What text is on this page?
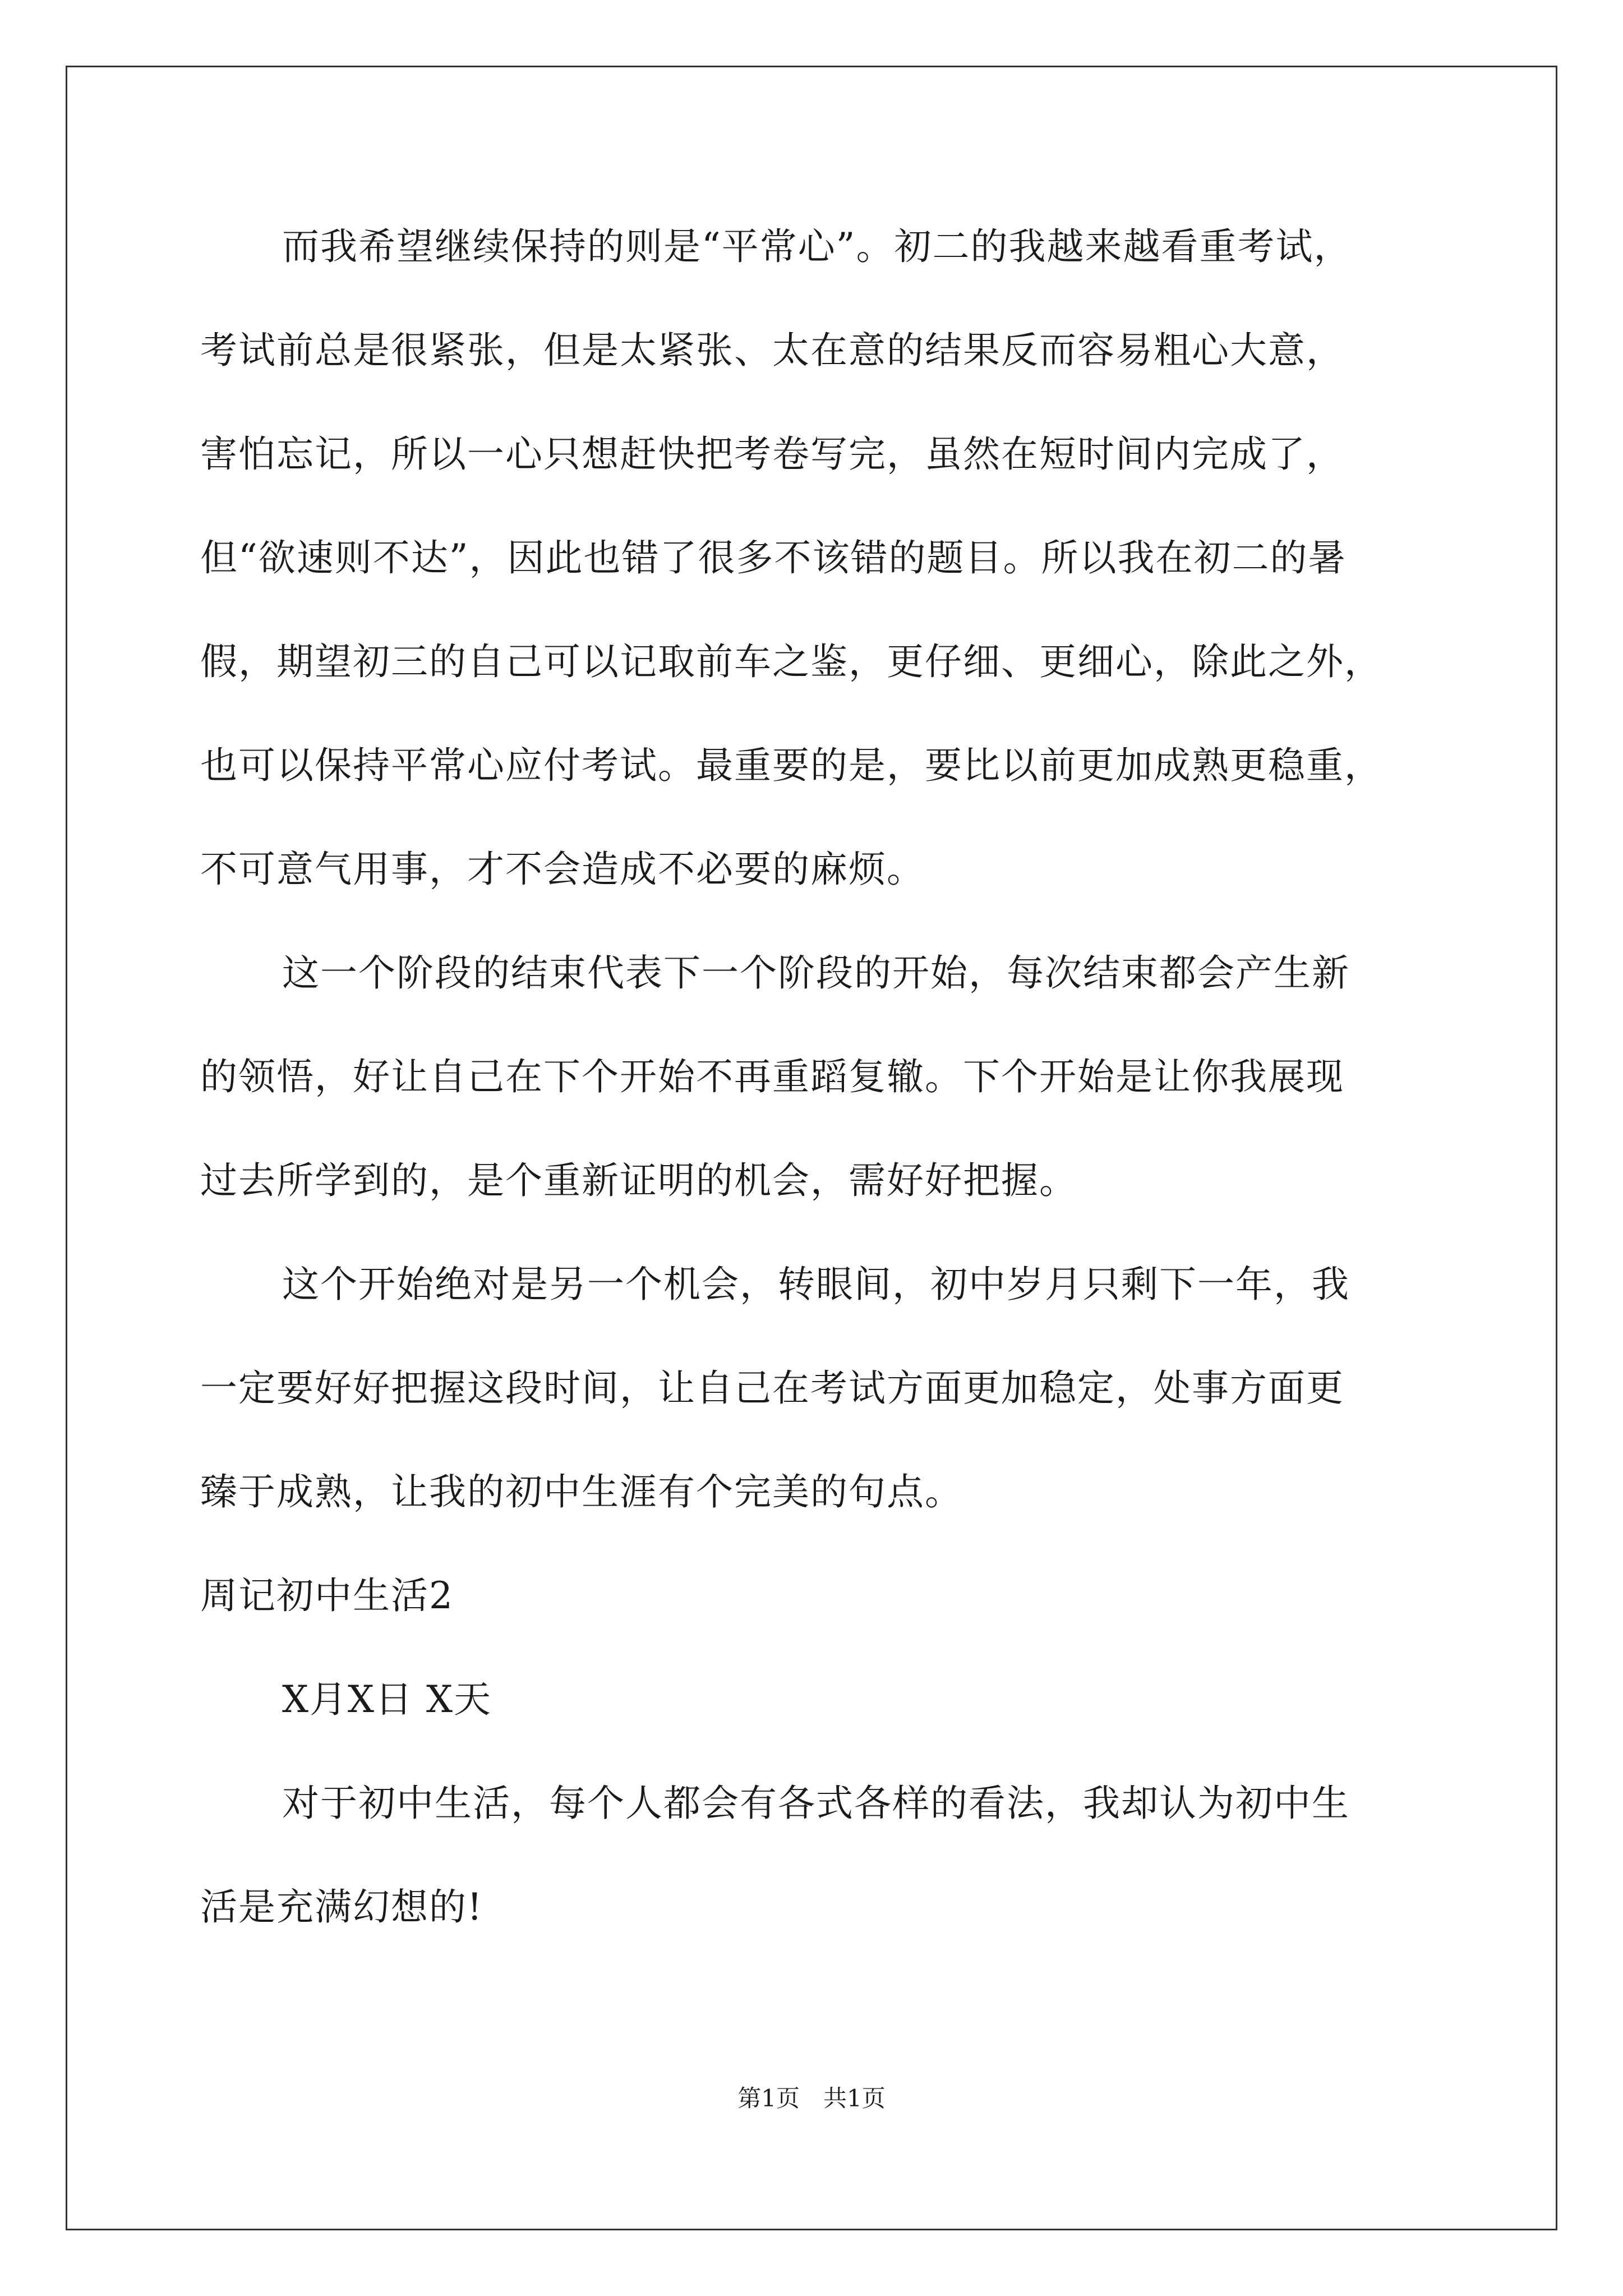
而我希望继续保持的则是“平常心”。初二的我越来越看重考试，
考试前总是很紧张，但是太紧张、太在意的结果反而容易粗心大意，
害怕忘记，所以一心只想赶快把考卷写完，虽然在短时间内完成了，
但“欲速则不达”，因此也错了很多不该错的题目。所以我在初二的暑
假，期望初三的自己可以记取前车之鉴，更仔细、更细心，除此之外，
也可以保持平常心应付考试。最重要的是，要比以前更加成熟更稳重，
不可意气用事，才不会造成不必要的麻烦。
这一个阶段的结束代表下一个阶段的开始，每次结束都会产生新
的领悟，好让自己在下个开始不再重蹈复辙。下个开始是让你我展现
过去所学到的，是个重新证明的机会，需好好把握。
这个开始绝对是另一个机会，转眼间，初中岁月只剩下一年，我
一定要好好把握这段时间，让自己在考试方面更加稳定，处事方面更
臻于成熟，让我的初中生涯有个完美的句点。
周记初中生活2
X月X日 X天
对于初中生活，每个人都会有各式各样的看法，我却认为初中生
活是充满幻想的!
第1页　共1页
